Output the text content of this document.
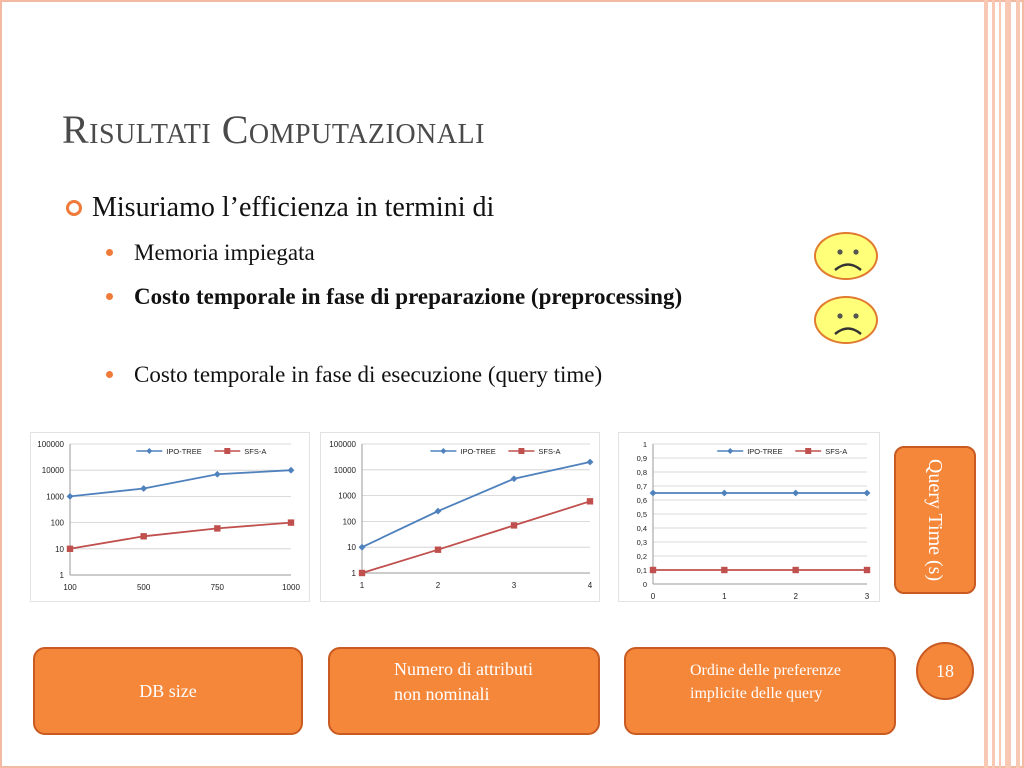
Risultati Computazionali
Misuriamo l’efficienza in termini di
Memoria impiegata
Costo temporale in fase di preparazione (preprocessing)
Costo temporale in fase di esecuzione (query time)
100000
10000
1000
100
10
1
100	500	750	1000
IPO-TREE	SFS-A
100000
10000
1000
100
10
1
1	2	3	4
IPO-TREE	SFS-A
1
0,9
0,8
0,7
0,6
0,5
0,4
0,3
0,2
0,1
0
0	1	2	3
IPO-TREE	SFS-A
Query Time (s)
DB size
Numero di attributi non nominali
Ordine delle preferenze implicite delle query
18
